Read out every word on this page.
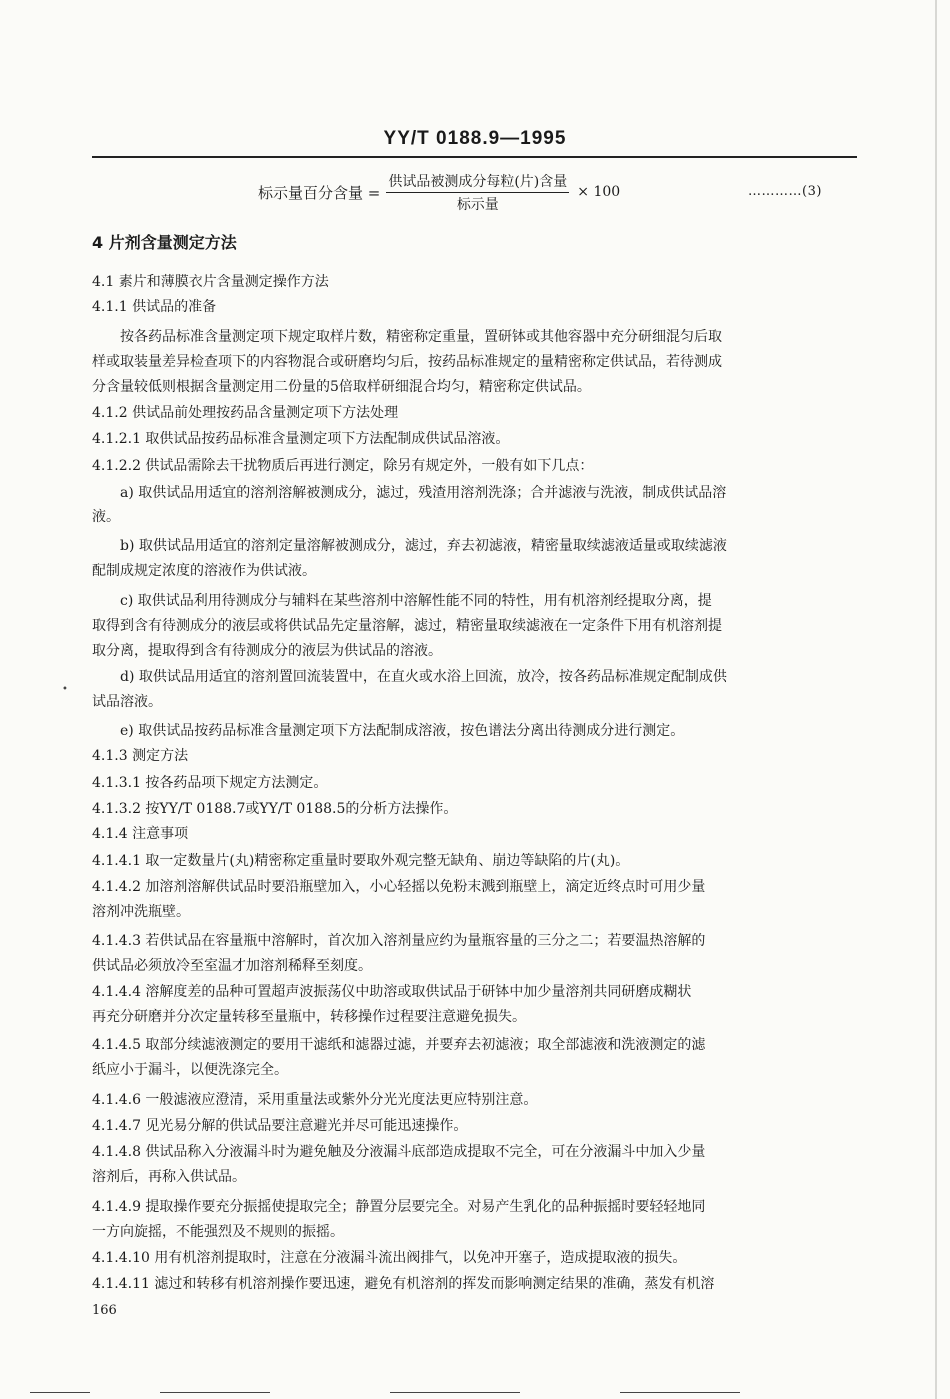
YY/T 0188.9—1995
标示量百分含量 = $\frac{\text{供试品被测成分每粒(片)含量}}{\text{标示量}} \times 100$	…………(3)
4 片剂含量测定方法
4.1 素片和薄膜衣片含量测定操作方法
4.1.1 供试品的准备
按各药品标准含量测定项下规定取样片数，精密称定重量，置研钵或其他容器中充分研细混匀后取
样或取装量差异检查项下的内容物混合或研磨均匀后，按药品标准规定的量精密称定供试品，若待测成
分含量较低则根据含量测定用二份量的5倍取样研细混合均匀，精密称定供试品。
4.1.2 供试品前处理按药品含量测定项下方法处理
4.1.2.1 取供试品按药品标准含量测定项下方法配制成供试品溶液。
4.1.2.2 供试品需除去干扰物质后再进行测定，除另有规定外，一般有如下几点：
a) 取供试品用适宜的溶剂溶解被测成分，滤过，残渣用溶剂洗涤；合并滤液与洗液，制成供试品溶
液。
b) 取供试品用适宜的溶剂定量溶解被测成分，滤过，弃去初滤液，精密量取续滤液适量或取续滤液
配制成规定浓度的溶液作为供试液。
c) 取供试品利用待测成分与辅料在某些溶剂中溶解性能不同的特性，用有机溶剂经提取分离，提
取得到含有待测成分的液层或将供试品先定量溶解，滤过，精密量取续滤液在一定条件下用有机溶剂提
取分离，提取得到含有待测成分的液层为供试品的溶液。
d) 取供试品用适宜的溶剂置回流装置中，在直火或水浴上回流，放冷，按各药品标准规定配制成供
试品溶液。
e) 取供试品按药品标准含量测定项下方法配制成溶液，按色谱法分离出待测成分进行测定。
4.1.3 测定方法
4.1.3.1 按各药品项下规定方法测定。
4.1.3.2 按YY/T 0188.7或YY/T 0188.5的分析方法操作。
4.1.4 注意事项
4.1.4.1 取一定数量片(丸)精密称定重量时要取外观完整无缺角、崩边等缺陷的片(丸)。
4.1.4.2 加溶剂溶解供试品时要沿瓶壁加入，小心轻摇以免粉末溅到瓶壁上，滴定近终点时可用少量
溶剂冲洗瓶壁。
4.1.4.3 若供试品在容量瓶中溶解时，首次加入溶剂量应约为量瓶容量的三分之二；若要温热溶解的
供试品必须放冷至室温才加溶剂稀释至刻度。
4.1.4.4 溶解度差的品种可置超声波振荡仪中助溶或取供试品于研钵中加少量溶剂共同研磨成糊状
再充分研磨并分次定量转移至量瓶中，转移操作过程要注意避免损失。
4.1.4.5 取部分续滤液测定的要用干滤纸和滤器过滤，并要弃去初滤液；取全部滤液和洗液测定的滤
纸应小于漏斗，以便洗涤完全。
4.1.4.6 一般滤液应澄清，采用重量法或紫外分光光度法更应特别注意。
4.1.4.7 见光易分解的供试品要注意避光并尽可能迅速操作。
4.1.4.8 供试品称入分液漏斗时为避免触及分液漏斗底部造成提取不完全，可在分液漏斗中加入少量
溶剂后，再称入供试品。
4.1.4.9 提取操作要充分振摇使提取完全；静置分层要完全。对易产生乳化的品种振摇时要轻轻地同
一方向旋摇，不能强烈及不规则的振摇。
4.1.4.10 用有机溶剂提取时，注意在分液漏斗流出阀排气，以免冲开塞子，造成提取液的损失。
4.1.4.11 滤过和转移有机溶剂操作要迅速，避免有机溶剂的挥发而影响测定结果的准确，蒸发有机溶
166
•
